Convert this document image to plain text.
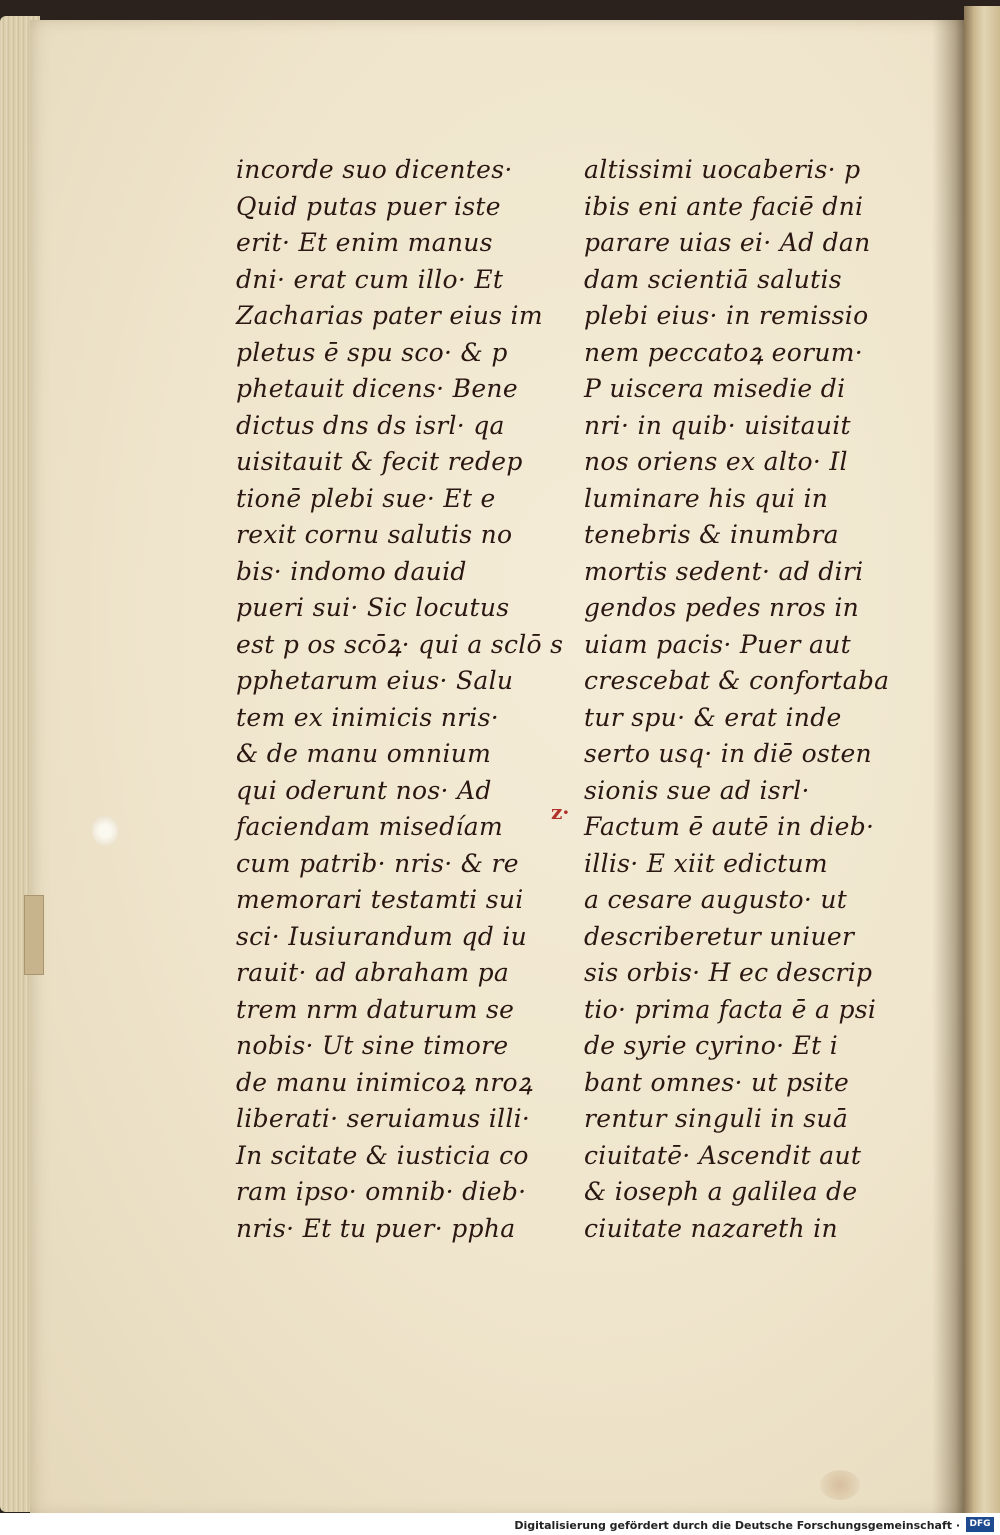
incorde suo dicentes·
Quid putas puer iste
erit· Et enim manus
dni· erat cum illo· Et
Zacharias pater eius im
pletus ē spu sco· & p
phetauit dicens· Bene
dictus dns ds isrl· qa
uisitauit & fecit redep
tionē plebi sue· Et e
rexit cornu salutis no
bis· indomo dauid
pueri sui· Sic locutus
est p os scōꝝ· qui a sclō s
pphetarum eius· Salu
tem ex inimicis nris·
& de manu omnium
qui oderunt nos· Ad
faciendam misedíam
cum patrib· nris· & re
memorari testamti sui
sci· Iusiurandum qd iu
rauit· ad abraham pa
trem nrm daturum se
nobis· Ut sine timore
de manu inimicoꝝ nroꝝ
liberati· seruiamus illi·
In scitate & iusticia co
ram ipso· omnib· dieb·
nris· Et tu puer· ppha
altissimi uocaberis· p
ibis eni ante faciē dni
parare uias ei· Ad dan
dam scientiā salutis
plebi eius· in remissio
nem peccatoꝝ eorum·
P uiscera misedie di
nri· in quib· uisitauit
nos oriens ex alto· Il
luminare his qui in
tenebris & inumbra
mortis sedent· ad diri
gendos pedes nros in
uiam pacis· Puer aut
crescebat & confortaba
tur spu· & erat inde
serto usq· in diē osten
sionis sue ad isrl·
Factum ē autē in dieb·
illis· E xiit edictum
a cesare augusto· ut
describeretur uniuer
sis orbis· H ec descrip
tio· prima facta ē a psi
de syrie cyrino· Et i
bant omnes· ut psite
rentur singuli in suā
ciuitatē· Ascendit aut
& ioseph a galilea de
ciuitate nazareth in
z·
Digitalisierung gefördert durch die Deutsche Forschungsgemeinschaft ·	DFG
